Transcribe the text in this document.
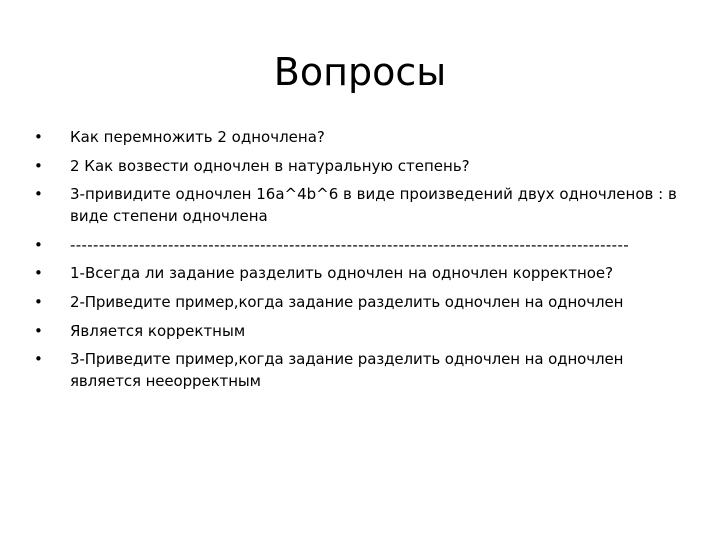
Вопросы
• Как перемножить 2 одночлена?
• 2 Как возвести одночлен в натуральную степень?
• 3-привидите одночлен 16а^4b^6 в виде произведений двух одночленов : в виде степени одночлена
• -------------------------------------------------------------------------------------------------
• 1-Всегда ли задание разделить одночлен на одночлен корректное?
• 2-Приведите пример,когда задание разделить одночлен на одночлен
• Является корректным
• 3-Приведите пример,когда задание разделить одночлен на одночлен является нееорректным
